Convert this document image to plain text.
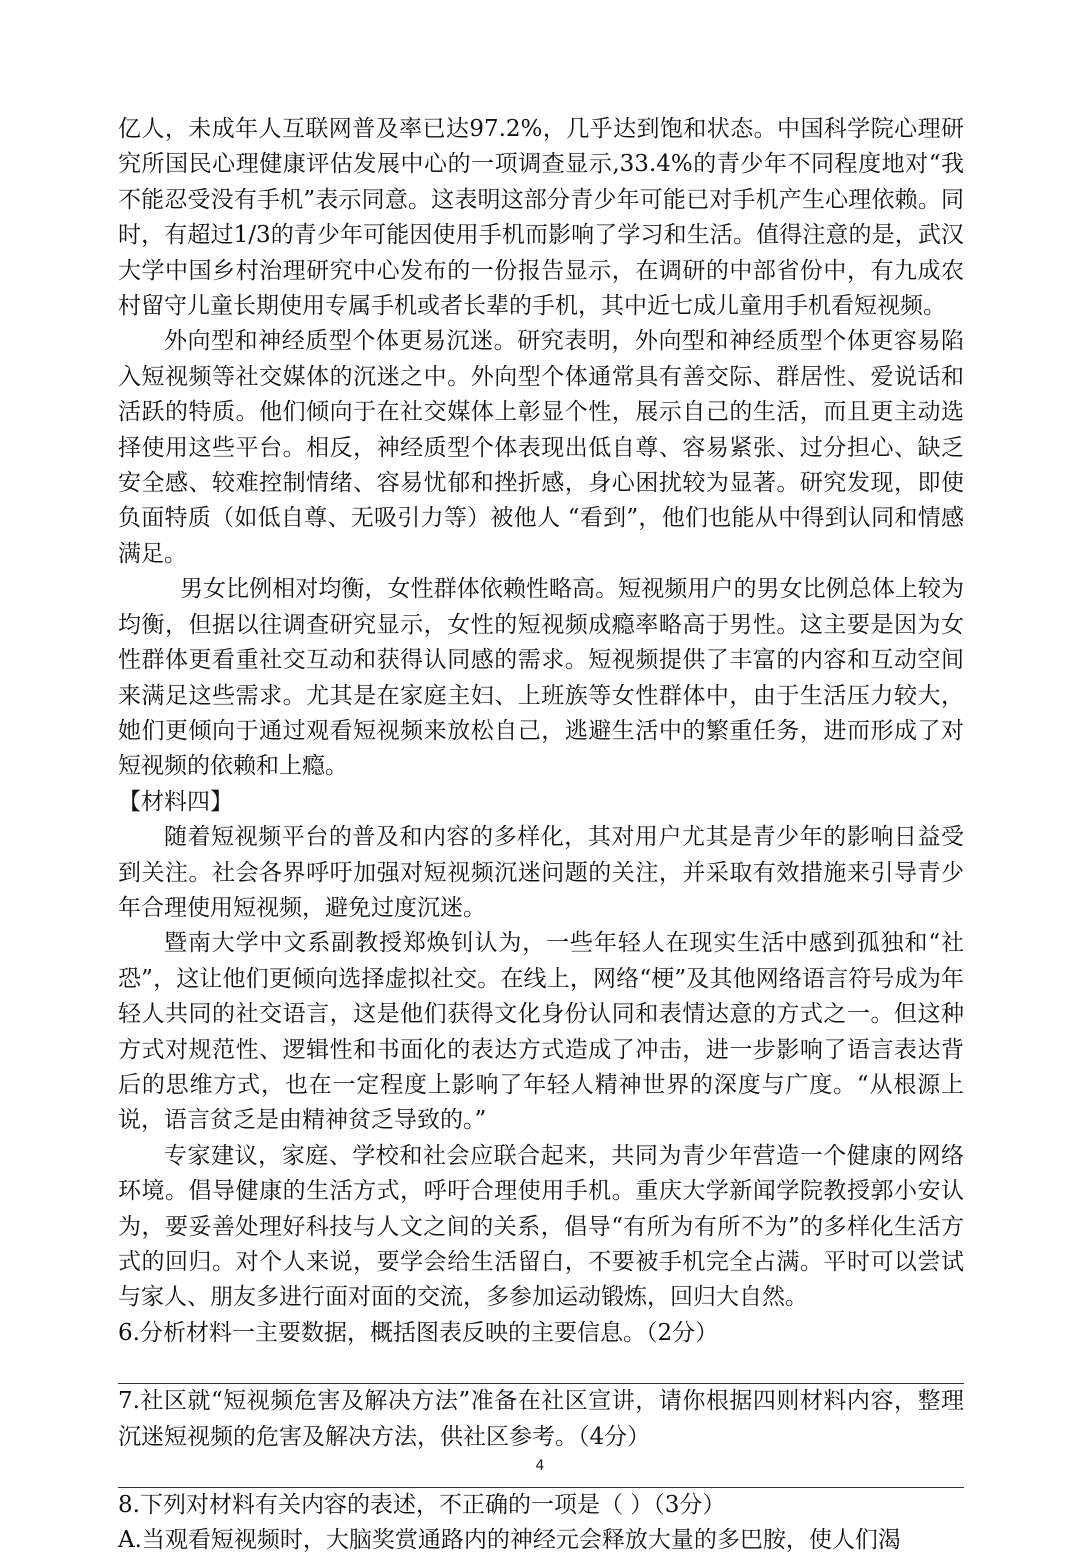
亿人，未成年人互联网普及率已达97.2%，几乎达到饱和状态。中国科学院心理研究所国民心理健康评估发展中心的一项调查显示,33.4%的青少年不同程度地对“我不能忍受没有手机”表示同意。这表明这部分青少年可能已对手机产生心理依赖。同时，有超过1/3的青少年可能因使用手机而影响了学习和生活。值得注意的是，武汉大学中国乡村治理研究中心发布的一份报告显示，在调研的中部省份中，有九成农村留守儿童长期使用专属手机或者长辈的手机，其中近七成儿童用手机看短视频。

外向型和神经质型个体更易沉迷。研究表明，外向型和神经质型个体更容易陷入短视频等社交媒体的沉迷之中。外向型个体通常具有善交际、群居性、爱说话和活跃的特质。他们倾向于在社交媒体上彰显个性，展示自己的生活，而且更主动选择使用这些平台。相反，神经质型个体表现出低自尊、容易紧张、过分担心、缺乏安全感、较难控制情绪、容易忧郁和挫折感，身心困扰较为显著。研究发现，即使负面特质（如低自尊、无吸引力等）被他人 “看到”，他们也能从中得到认同和情感满足。

男女比例相对均衡，女性群体依赖性略高。短视频用户的男女比例总体上较为均衡，但据以往调查研究显示，女性的短视频成瘾率略高于男性。这主要是因为女性群体更看重社交互动和获得认同感的需求。短视频提供了丰富的内容和互动空间来满足这些需求。尤其是在家庭主妇、上班族等女性群体中，由于生活压力较大，她们更倾向于通过观看短视频来放松自己，逃避生活中的繁重任务，进而形成了对短视频的依赖和上瘾。

【材料四】

随着短视频平台的普及和内容的多样化，其对用户尤其是青少年的影响日益受到关注。社会各界呼吁加强对短视频沉迷问题的关注，并采取有效措施来引导青少年合理使用短视频，避免过度沉迷。

暨南大学中文系副教授郑焕钊认为，一些年轻人在现实生活中感到孤独和“社恐”，这让他们更倾向选择虚拟社交。在线上，网络“梗”及其他网络语言符号成为年轻人共同的社交语言，这是他们获得文化身份认同和表情达意的方式之一。但这种方式对规范性、逻辑性和书面化的表达方式造成了冲击，进一步影响了语言表达背后的思维方式，也在一定程度上影响了年轻人精神世界的深度与广度。“从根源上说，语言贫乏是由精神贫乏导致的。”

专家建议，家庭、学校和社会应联合起来，共同为青少年营造一个健康的网络环境。倡导健康的生活方式，呼吁合理使用手机。重庆大学新闻学院教授郭小安认为，要妥善处理好科技与人文之间的关系，倡导“有所为有所不为”的多样化生活方式的回归。对个人来说，要学会给生活留白，不要被手机完全占满。平时可以尝试与家人、朋友多进行面对面的交流，多参加运动锻炼，回归大自然。

6.分析材料一主要数据，概括图表反映的主要信息。（2分）

7.社区就“短视频危害及解决方法”准备在社区宣讲，请你根据四则材料内容，整理沉迷短视频的危害及解决方法，供社区参考。（4分）

8.下列对材料有关内容的表述，不正确的一项是（ ）（3分）

A.当观看短视频时，大脑奖赏通路内的神经元会释放大量的多巴胺，使人们渴

4
